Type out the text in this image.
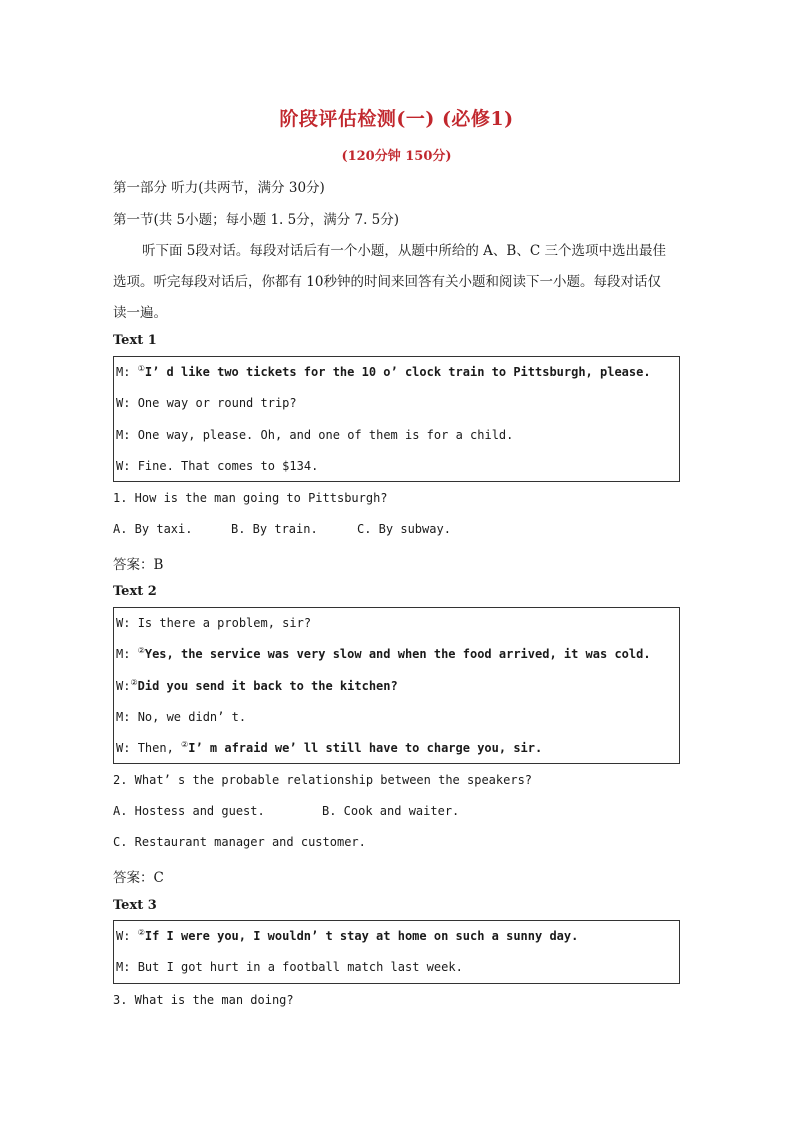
阶段评估检测(一) (必修1)
(120分钟 150分)
第一部分 听力(共两节，满分 30分)
第一节(共 5小题；每小题 1. 5分，满分 7. 5分)
听下面 5段对话。每段对话后有一个小题，从题中所给的 A、B、C 三个选项中选出最佳
选项。听完每段对话后，你都有 10秒钟的时间来回答有关小题和阅读下一小题。每段对话仅
读一遍。
Text 1
M: ①I’ d like two tickets for the 10 o’ clock train to Pittsburgh, please.
W: One way or round trip?
M: One way, please. Oh, and one of them is for a child.
W: Fine. That comes to $134.
1. How is the man going to Pittsburgh?
A. By taxi.	B. By train.	C. By subway.
答案：B
Text 2
W: Is there a problem, sir?
M: ②Yes, the service was very slow and when the food arrived, it was cold.
W:②Did you send it back to the kitchen?
M: No, we didn’ t.
W: Then, ②I’ m afraid we’ ll still have to charge you, sir.
2. What’ s the probable relationship between the speakers?
A. Hostess and guest.	B. Cook and waiter.
C. Restaurant manager and customer.
答案：C
Text 3
W: ②If I were you, I wouldn’ t stay at home on such a sunny day.
M: But I got hurt in a football match last week.
3. What is the man doing?
